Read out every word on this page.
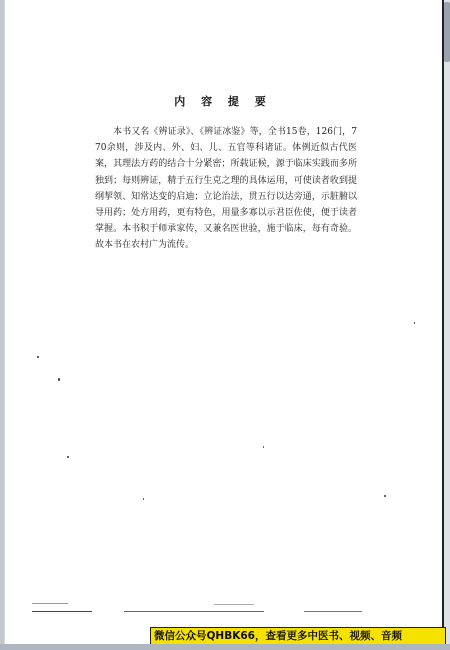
内 容 提 要
本书又名《辨证录》、《辨证冰鉴》等，全书15卷，126门，770余则，涉及内、外、妇、儿、五官等科诸证。体例近似古代医案，其理法方药的结合十分紧密；所载证候，源于临床实践而多所独到；每则辨证，精于五行生克之理的具体运用，可使读者收到提纲挈领、知常达变的启迪；立论治法，贯五行以达旁通，示脏腑以导用药；处方用药，更有特色，用量多寡以示君臣佐使，便于读者掌握。本书积于师承家传，又兼名医世验，施于临床，每有奇验。故本书在农村广为流传。
微信公众号QHBK66，查看更多中医书、视频、音频
